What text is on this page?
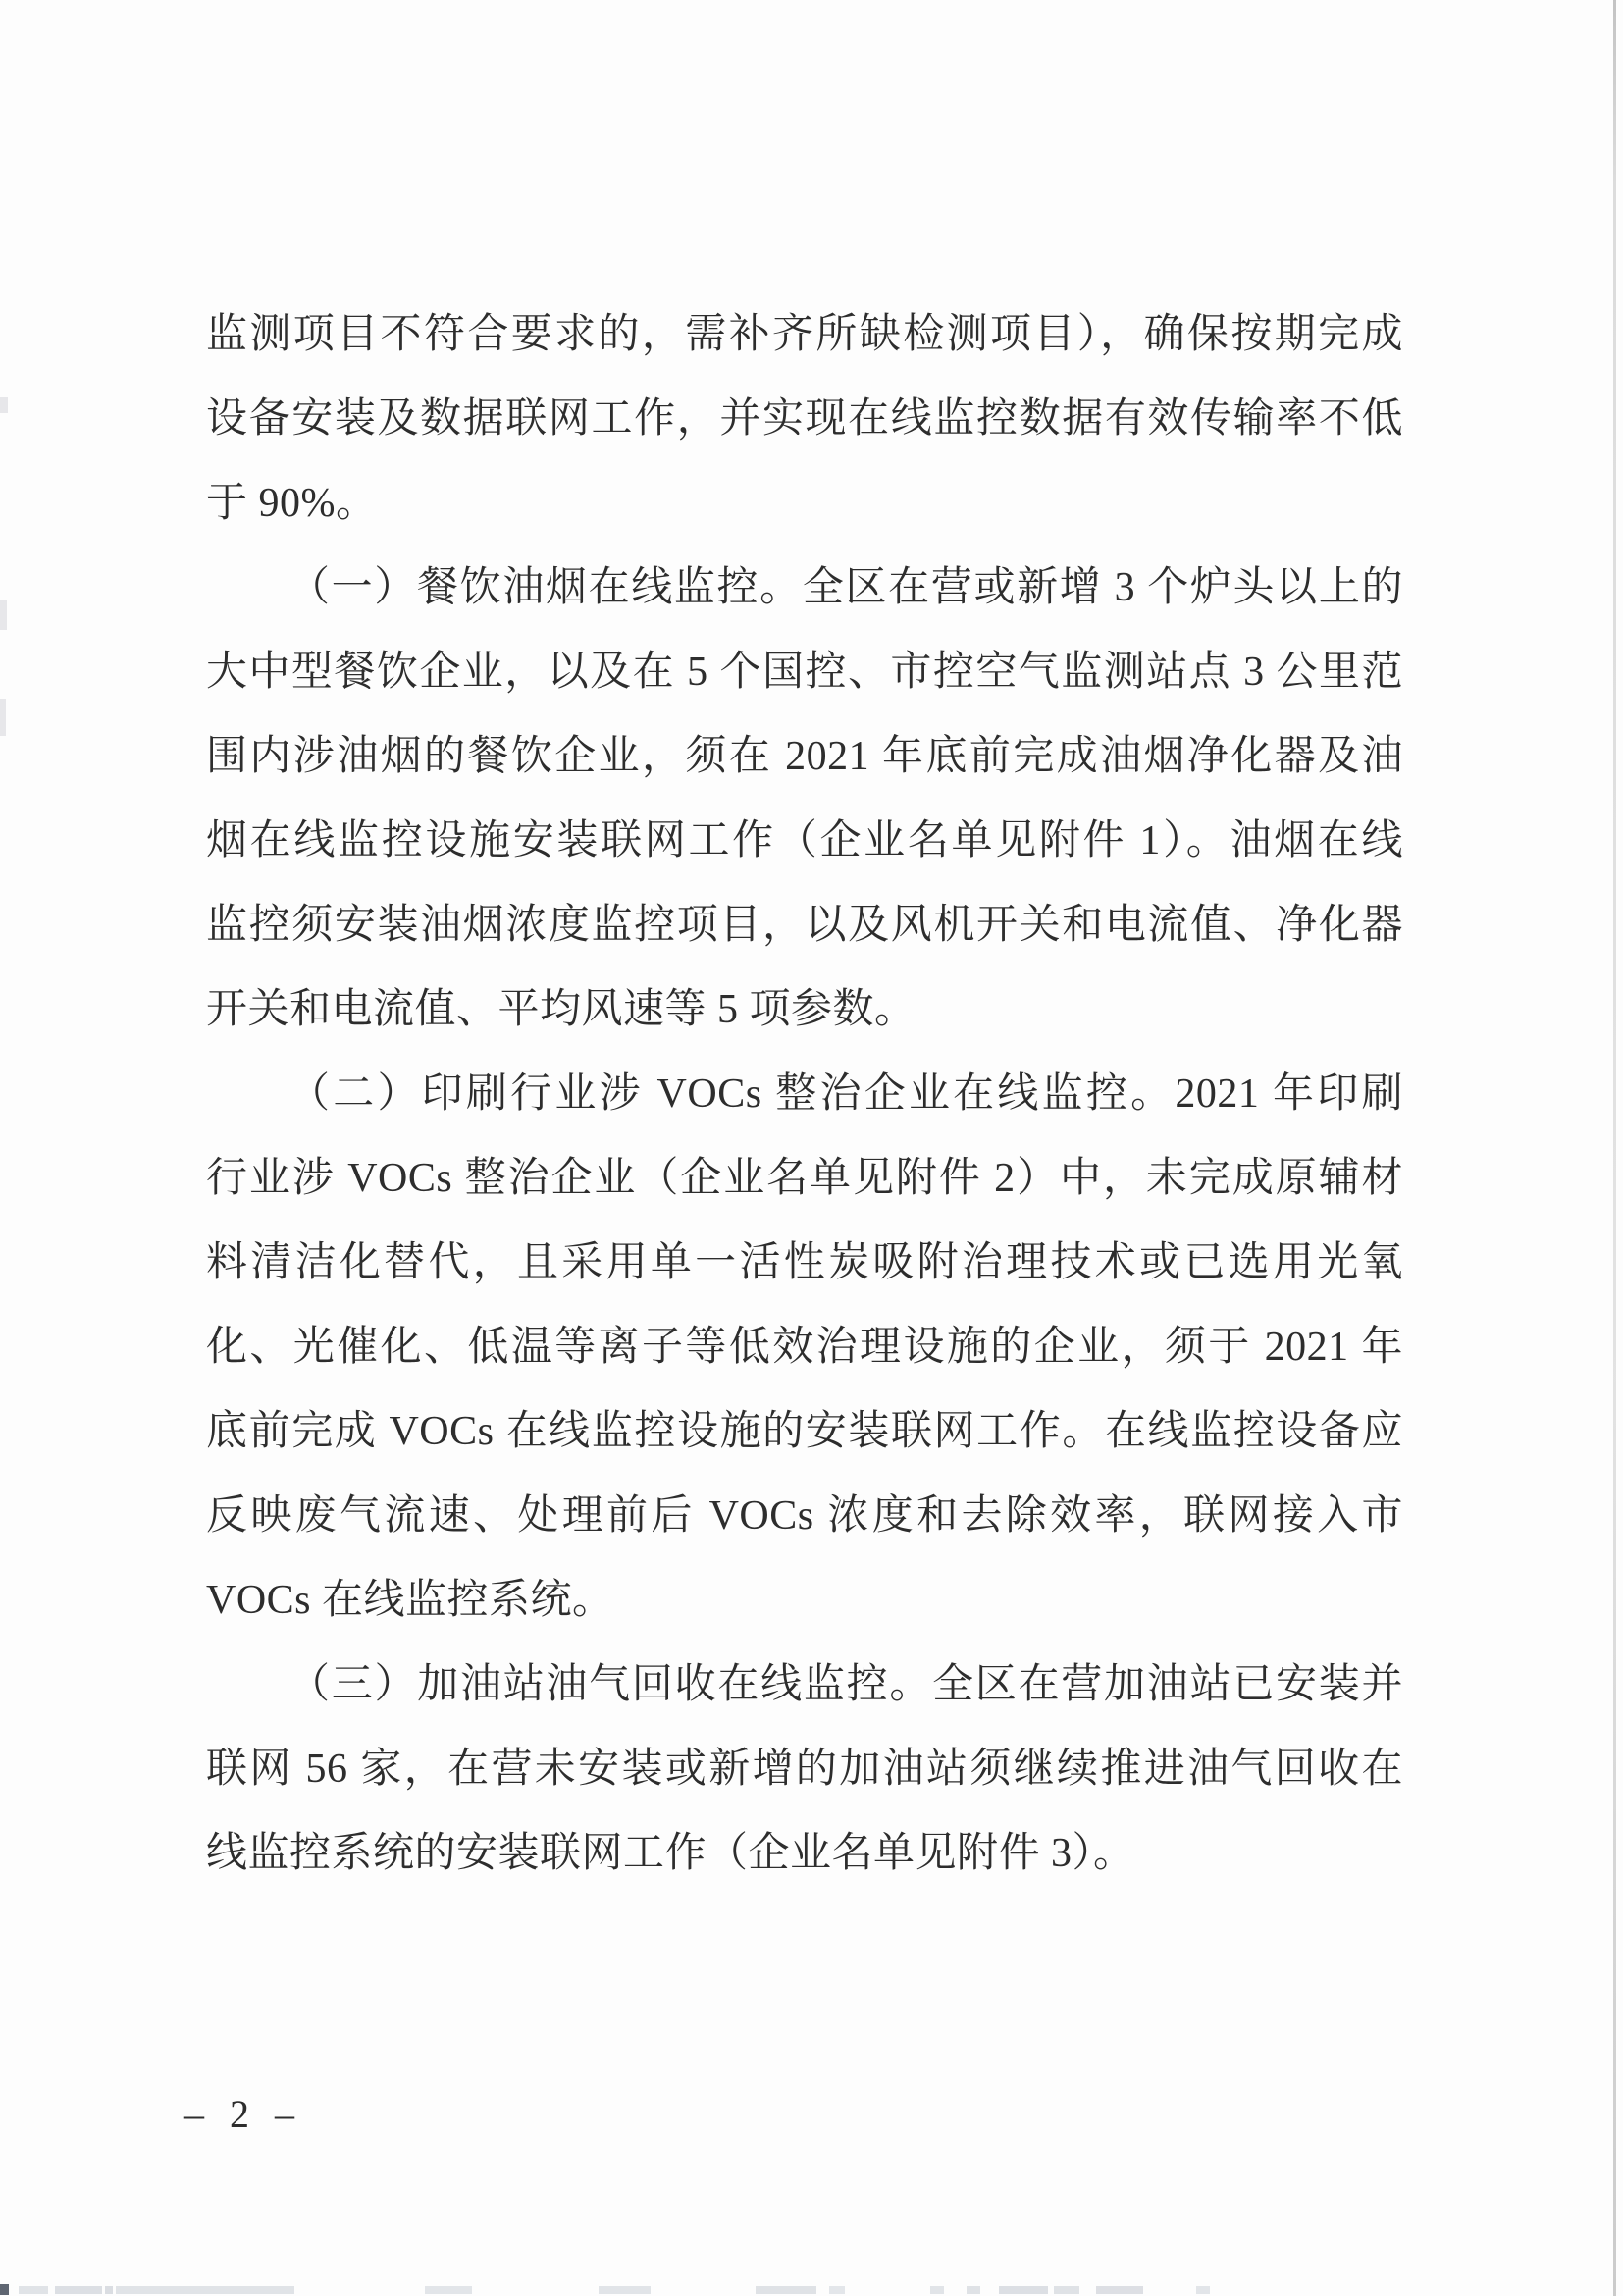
监测项目不符合要求的，需补齐所缺检测项目），确保按期完成
设备安装及数据联网工作，并实现在线监控数据有效传输率不低
于 90%。
（一）餐饮油烟在线监控。全区在营或新增 3 个炉头以上的
大中型餐饮企业，以及在 5 个国控、市控空气监测站点 3 公里范
围内涉油烟的餐饮企业，须在 2021 年底前完成油烟净化器及油
烟在线监控设施安装联网工作（企业名单见附件 1）。油烟在线
监控须安装油烟浓度监控项目，以及风机开关和电流值、净化器
开关和电流值、平均风速等 5 项参数。
（二）印刷行业涉 VOCs 整治企业在线监控。2021 年印刷
行业涉 VOCs 整治企业（企业名单见附件 2）中，未完成原辅材
料清洁化替代，且采用单一活性炭吸附治理技术或已选用光氧
化、光催化、低温等离子等低效治理设施的企业，须于 2021 年
底前完成 VOCs 在线监控设施的安装联网工作。在线监控设备应
反映废气流速、处理前后 VOCs 浓度和去除效率，联网接入市
VOCs 在线监控系统。
（三）加油站油气回收在线监控。全区在营加油站已安装并
联网 56 家，在营未安装或新增的加油站须继续推进油气回收在
线监控系统的安装联网工作（企业名单见附件 3）。
– 2 –
